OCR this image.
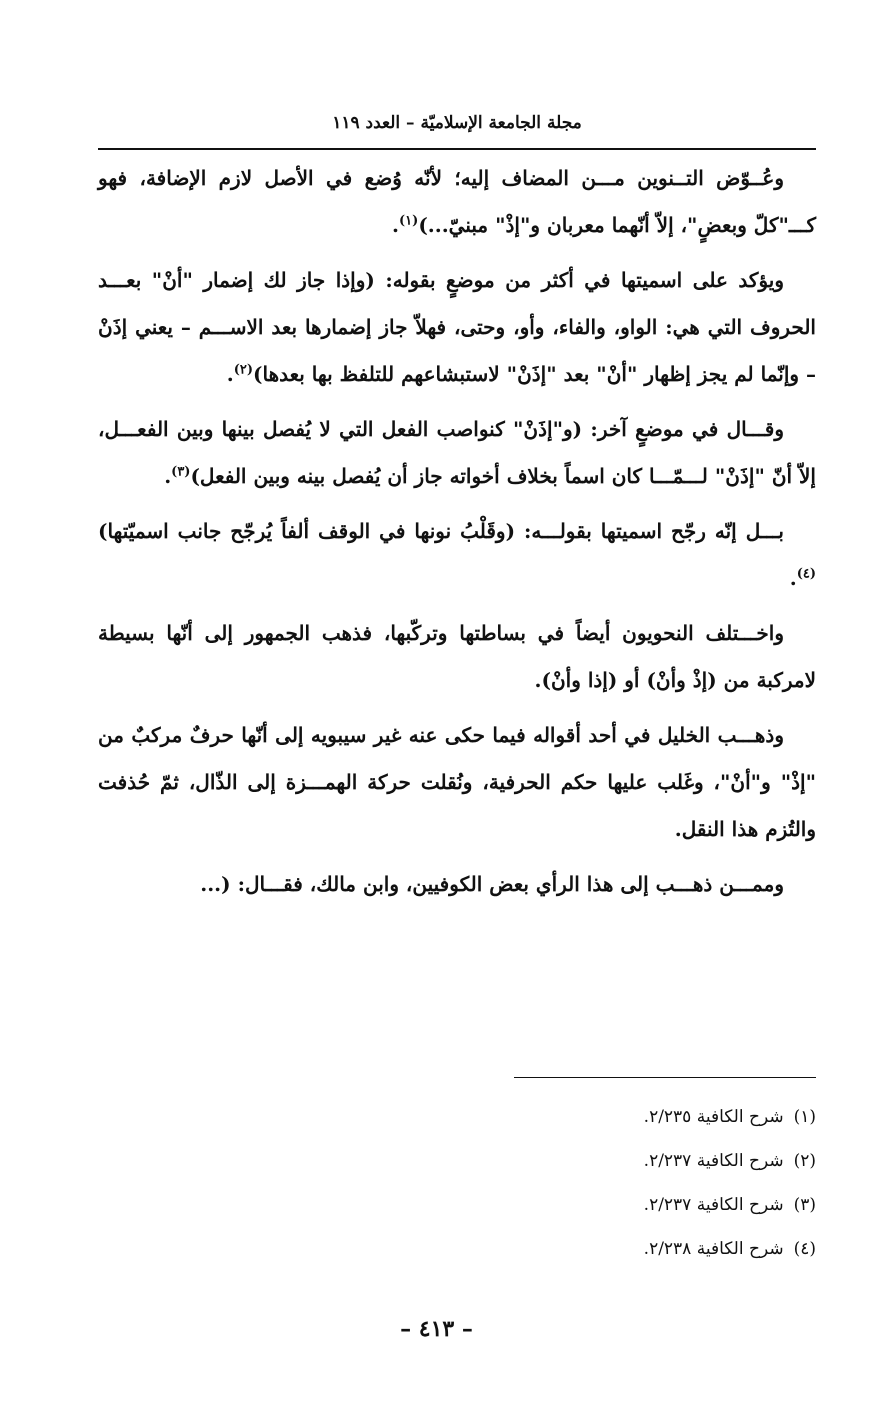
مجلة الجامعة الإسلاميّة – العدد ١١٩

وعُــوّض التــنوين مـــن المضاف إليه؛ لأنّه وُضع في الأصل لازم الإضافة، فهو كـــ"كلّ وبعضٍ"، إلاّ أنّهما معربان و"إذْ" مبنيّ...)$^{(١)}$.

ويؤكد على اسميتها في أكثر من موضعٍ بقوله: (وإذا جاز لك إضمار "أنْ" بعـــد الحروف التي هي: الواو، والفاء، وأو، وحتى، فهلاّ جاز إضمارها بعد الاســـم – يعني إذَنْ – وإنّما لم يجز إظهار "أنْ" بعد "إذَنْ" لاستبشاعهم للتلفظ بها بعدها)$^{(٢)}$.

وقـــال في موضعٍ آخر: (و"إذَنْ" كنواصب الفعل التي لا يُفصل بينها وبين الفعـــل، إلاّ أنّ "إذَنْ" لـــمّـــا كان اسماً بخلاف أخواته جاز أن يُفصل بينه وبين الفعل)$^{(٣)}$.

بـــل إنّه رجّح اسميتها بقولـــه: (وقَلْبُ نونها في الوقف ألفاً يُرجّح جانب اسميّتها)$^{(٤)}$.

واخـــتلف النحويون أيضاً في بساطتها وتركّبها، فذهب الجمهور إلى أنّها بسيطة لامركبة من (إذْ وأنْ) أو (إذا وأنْ).

وذهـــب الخليل في أحد أقواله فيما حكى عنه غير سيبويه إلى أنّها حرفٌ مركبٌ من "إذْ" و"أنْ"، وغَلب عليها حكم الحرفية، ونُقلت حركة الهمـــزة إلى الذّال، ثمّ حُذفت والتُزم هذا النقل.

وممـــن ذهـــب إلى هذا الرأي بعض الكوفيين، وابن مالك، فقـــال: (...

(١)شرح الكافية ٢/٢٣٥.
(٢)شرح الكافية ٢/٢٣٧.
(٣)شرح الكافية ٢/٢٣٧.
(٤)شرح الكافية ٢/٢٣٨.
– ٤١٣ –
